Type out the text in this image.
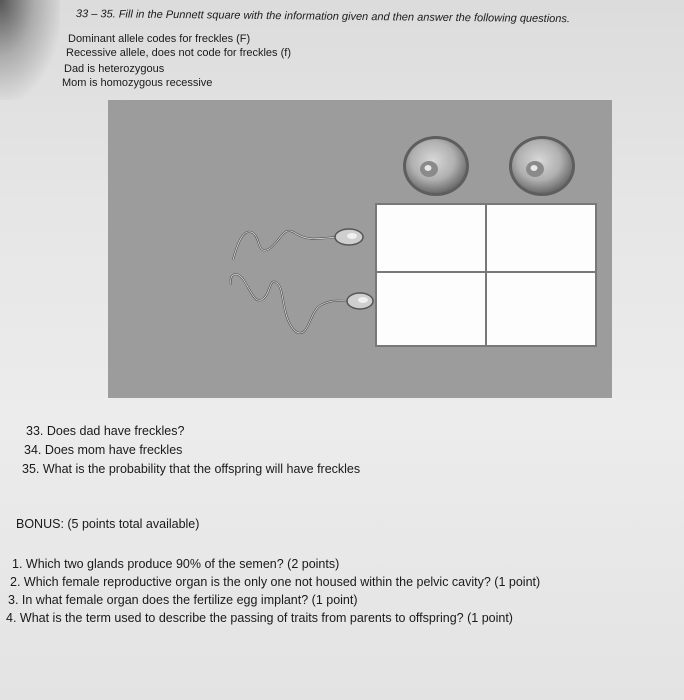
33 – 35. Fill in the Punnett square with the information given and then answer the following questions.
Dominant allele codes for freckles (F)
Recessive allele, does not code for freckles (f)
Dad is heterozygous
Mom is homozygous recessive
33. Does dad have freckles?
34. Does mom have freckles
35. What is the probability that the offspring will have freckles
BONUS: (5 points total available)
1. Which two glands produce 90% of the semen? (2 points)
2. Which female reproductive organ is the only one not housed within the pelvic cavity? (1 point)
3. In what female organ does the fertilize egg implant? (1 point)
4. What is the term used to describe the passing of traits from parents to offspring? (1 point)
